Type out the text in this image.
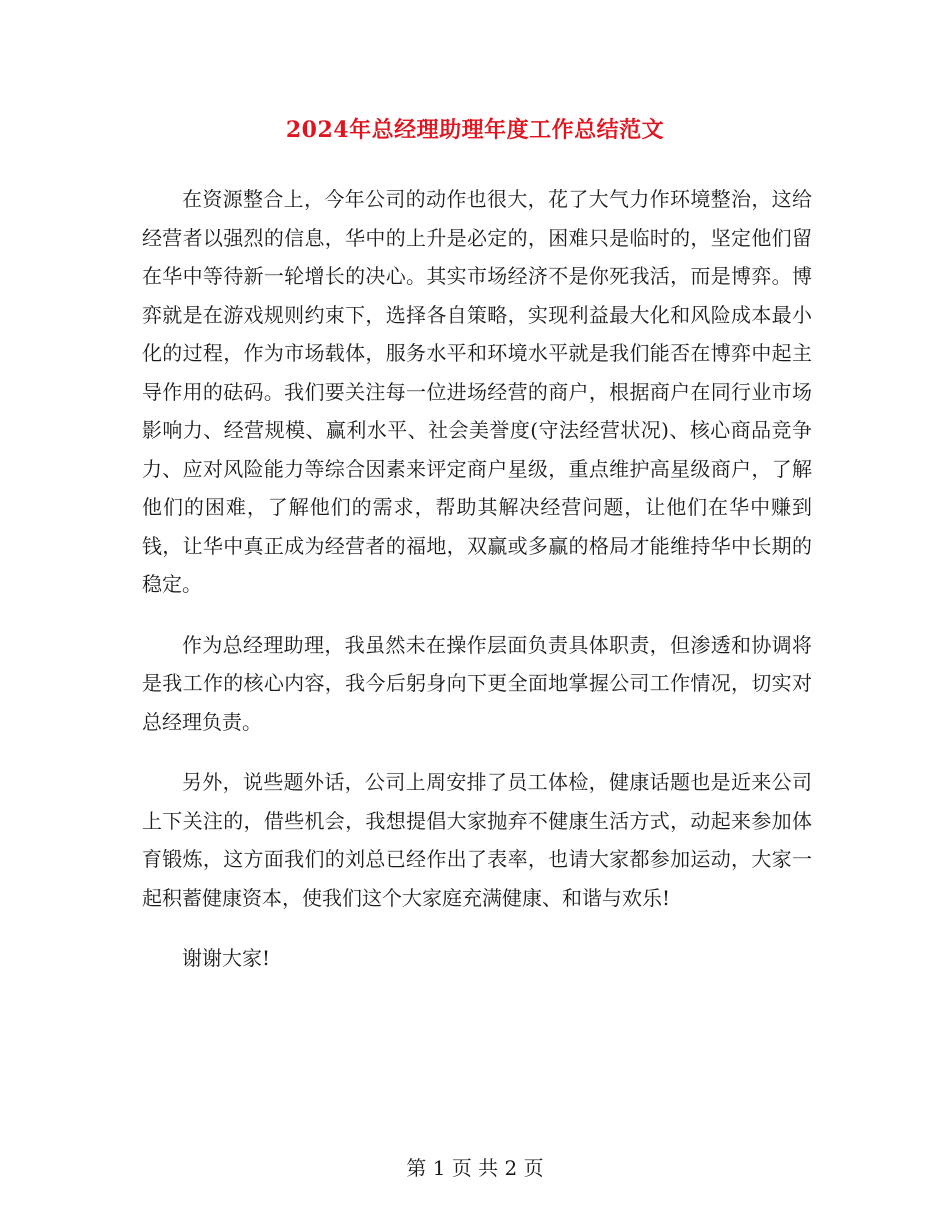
2024年总经理助理年度工作总结范文

在资源整合上，今年公司的动作也很大，花了大气力作环境整治，这给经营者以强烈的信息，华中的上升是必定的，困难只是临时的，坚定他们留在华中等待新一轮增长的决心。其实市场经济不是你死我活，而是博弈。博弈就是在游戏规则约束下，选择各自策略，实现利益最大化和风险成本最小化的过程，作为市场载体，服务水平和环境水平就是我们能否在博弈中起主导作用的砝码。我们要关注每一位进场经营的商户，根据商户在同行业市场影响力、经营规模、赢利水平、社会美誉度(守法经营状况)、核心商品竞争力、应对风险能力等综合因素来评定商户星级，重点维护高星级商户，了解他们的困难，了解他们的需求，帮助其解决经营问题，让他们在华中赚到钱，让华中真正成为经营者的福地，双赢或多赢的格局才能维持华中长期的稳定。

作为总经理助理，我虽然未在操作层面负责具体职责，但渗透和协调将是我工作的核心内容，我今后躬身向下更全面地掌握公司工作情况，切实对总经理负责。

另外，说些题外话，公司上周安排了员工体检，健康话题也是近来公司上下关注的，借些机会，我想提倡大家抛弃不健康生活方式，动起来参加体育锻炼，这方面我们的刘总已经作出了表率，也请大家都参加运动，大家一起积蓄健康资本，使我们这个大家庭充满健康、和谐与欢乐!

谢谢大家!

第 1 页 共 2 页
